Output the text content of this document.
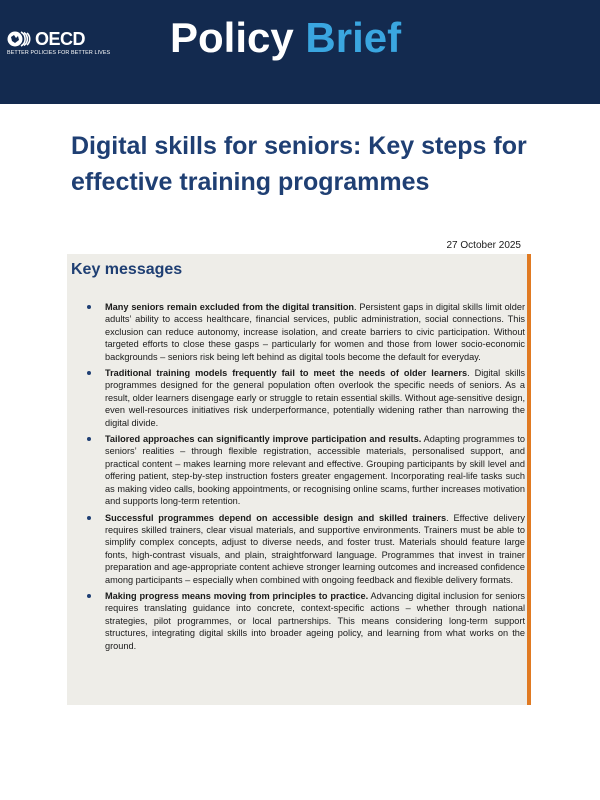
OECD
BETTER POLICIES FOR BETTER LIVES Policy Brief
Digital skills for seniors: Key steps for effective training programmes
27 October 2025
Key messages
Many seniors remain excluded from the digital transition. Persistent gaps in digital skills limit older adults’ ability to access healthcare, financial services, public administration, social connections. This exclusion can reduce autonomy, increase isolation, and create barriers to civic participation. Without targeted efforts to close these gasps – particularly for women and those from lower socio-economic backgrounds – seniors risk being left behind as digital tools become the default for everyday.
Traditional training models frequently fail to meet the needs of older learners. Digital skills programmes designed for the general population often overlook the specific needs of seniors. As a result, older learners disengage early or struggle to retain essential skills. Without age-sensitive design, even well-resources initiatives risk underperformance, potentially widening rather than narrowing the digital divide.
Tailored approaches can significantly improve participation and results. Adapting programmes to seniors’ realities – through flexible registration, accessible materials, personalised support, and practical content – makes learning more relevant and effective. Grouping participants by skill level and offering patient, step-by-step instruction fosters greater engagement. Incorporating real-life tasks such as making video calls, booking appointments, or recognising online scams, further increases motivation and supports long-term retention.
Successful programmes depend on accessible design and skilled trainers. Effective delivery requires skilled trainers, clear visual materials, and supportive environments. Trainers must be able to simplify complex concepts, adjust to diverse needs, and foster trust. Materials should feature large fonts, high-contrast visuals, and plain, straightforward language. Programmes that invest in trainer preparation and age-appropriate content achieve stronger learning outcomes and increased confidence among participants – especially when combined with ongoing feedback and flexible delivery formats.
Making progress means moving from principles to practice. Advancing digital inclusion for seniors requires translating guidance into concrete, context-specific actions – whether through national strategies, pilot programmes, or local partnerships. This means considering long-term support structures, integrating digital skills into broader ageing policy, and learning from what works on the ground.
